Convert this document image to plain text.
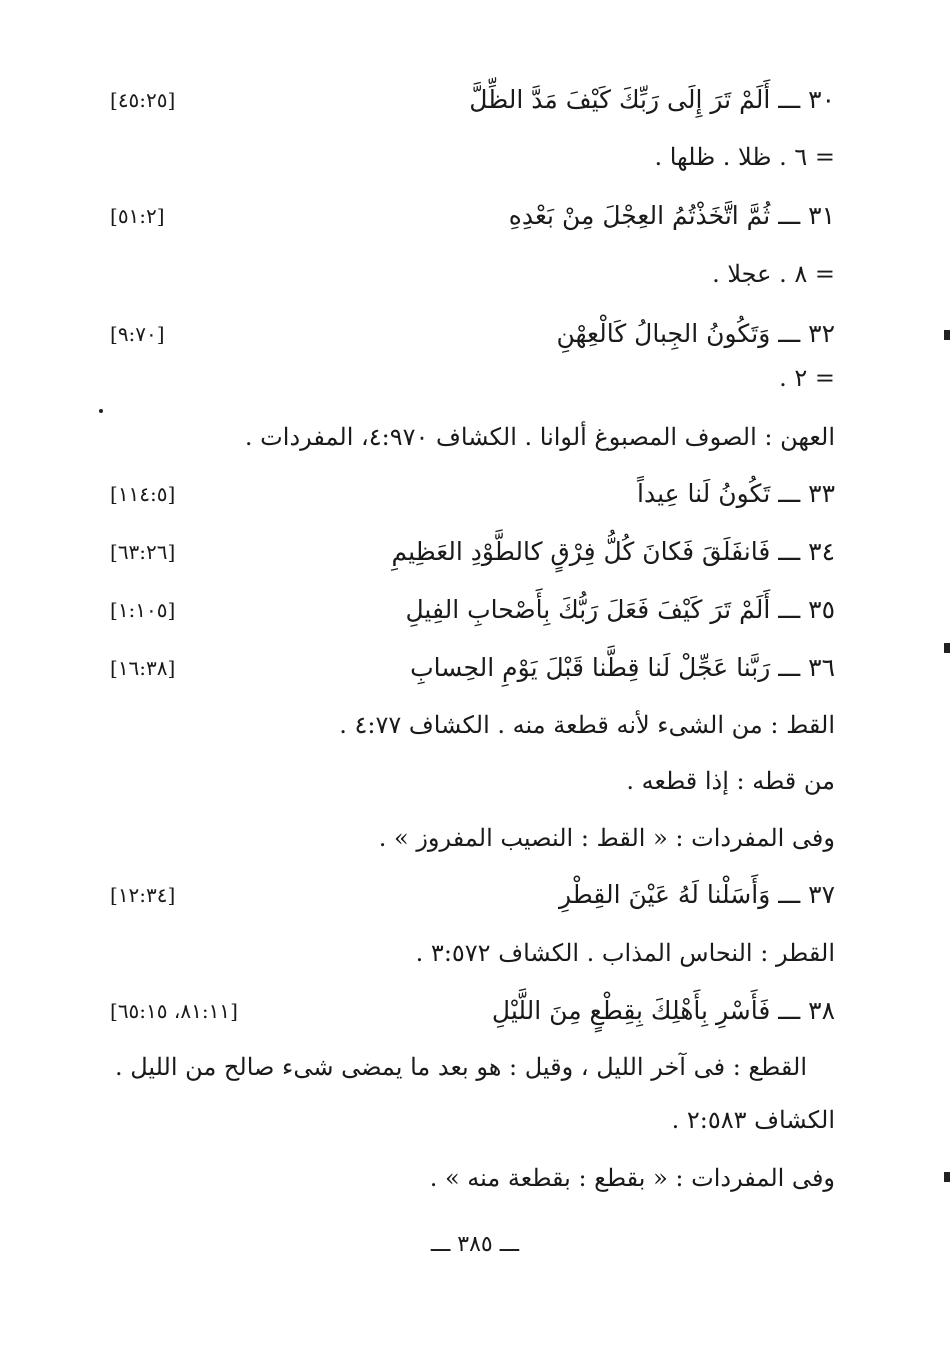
٣٠ ـــ أَلَمْ تَرَ إِلَى رَبِّكَ كَيْفَ مَدَّ الظِّلَّ
[٤٥:٢٥]
= ٦ . ظلا . ظلها .
٣١ ـــ ثُمَّ اتَّخَذْتُمُ العِجْلَ مِنْ بَعْدِهِ
[٥١:٢]
= ٨ . عجلا .
٣٢ ـــ وَتَكُونُ الجِبالُ كَالْعِهْنِ
[٩:٧٠]
= ٢ .
العهن : الصوف المصبوغ ألوانا . الكشاف ٤:٩٧٠، المفردات .
٣٣ ـــ تَكُونُ لَنا عِيداً
[١١٤:٥]
٣٤ ـــ فَانفَلَقَ فَكانَ كُلُّ فِرْقٍ كالطَّوْدِ العَظِيمِ
[٦٣:٢٦]
٣٥ ـــ أَلَمْ تَرَ كَيْفَ فَعَلَ رَبُّكَ بِأَصْحابِ الفِيلِ
[١:١٠٥]
٣٦ ـــ رَبَّنا عَجِّلْ لَنا قِطَّنا قَبْلَ يَوْمِ الحِسابِ
[١٦:٣٨]
القط : من الشىء لأنه قطعة منه . الكشاف ٤:٧٧ .
من قطه : إذا قطعه .
وفى المفردات : « القط : النصيب المفروز » .
٣٧ ـــ وَأَسَلْنا لَهُ عَيْنَ القِطْرِ
[١٢:٣٤]
القطر : النحاس المذاب . الكشاف ٣:٥٧٢ .
٣٨ ـــ فَأَسْرِ بِأَهْلِكَ بِقِطْعٍ مِنَ اللَّيْلِ
[٨١:١١، ٦٥:١٥]
القطع : فى آخر الليل ، وقيل : هو بعد ما يمضى شىء صالح من الليل .
الكشاف ٢:٥٨٣ .
وفى المفردات : « بقطع : بقطعة منه » .
ـــ ٣٨٥ ـــ
